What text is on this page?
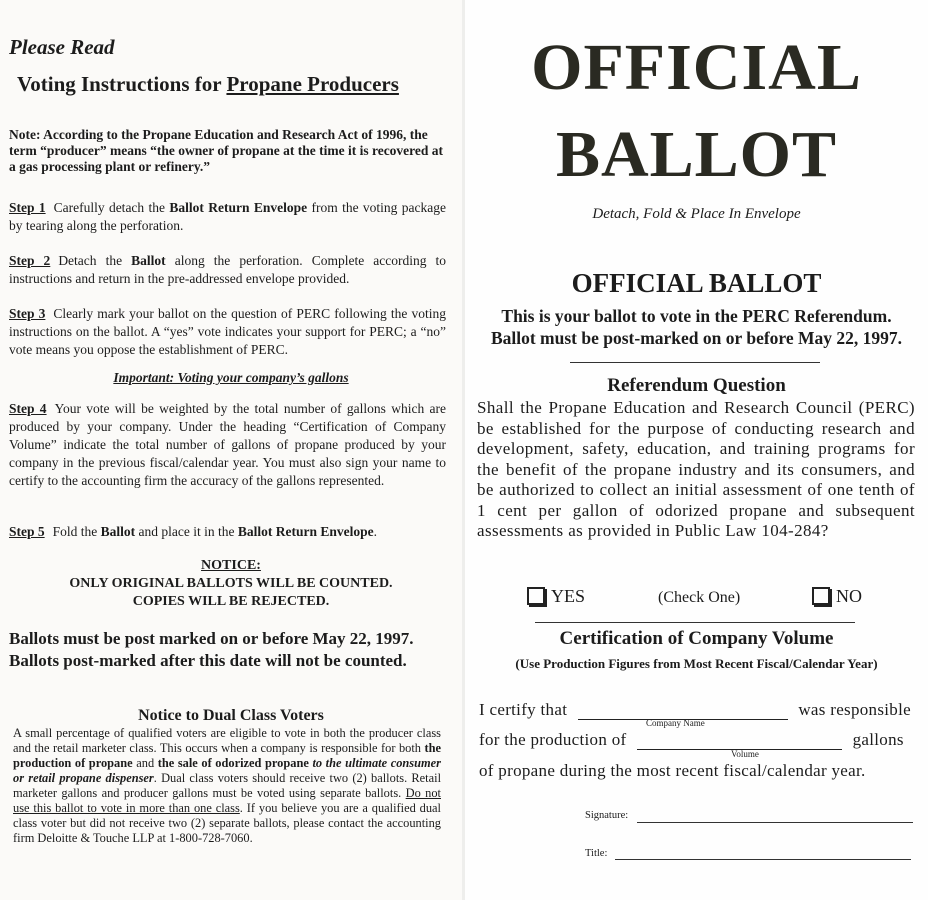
Please Read
Voting Instructions for Propane Producers
Note: According to the Propane Education and Research Act of 1996, the term “producer” means “the owner of propane at the time it is recovered at a gas processing plant or refinery.”
Step 1 Carefully detach the Ballot Return Envelope from the voting package by tearing along the perforation.
Step 2 Detach the Ballot along the perforation. Complete according to instructions and return in the pre-addressed envelope provided.
Step 3 Clearly mark your ballot on the question of PERC following the voting instructions on the ballot. A “yes” vote indicates your support for PERC; a “no” vote means you oppose the establishment of PERC.
Important: Voting your company’s gallons
Step 4 Your vote will be weighted by the total number of gallons which are produced by your company. Under the heading “Certification of Company Volume” indicate the total number of gallons of propane produced by your company in the previous fiscal/calendar year. You must also sign your name to certify to the accounting firm the accuracy of the gallons represented.
Step 5 Fold the Ballot and place it in the Ballot Return Envelope.
NOTICE:
ONLY ORIGINAL BALLOTS WILL BE COUNTED.
COPIES WILL BE REJECTED.
Ballots must be post marked on or before May 22, 1997.
Ballots post-marked after this date will not be counted.
Notice to Dual Class Voters
A small percentage of qualified voters are eligible to vote in both the producer class and the retail marketer class. This occurs when a company is responsible for both the production of propane and the sale of odorized propane to the ultimate consumer or retail propane dispenser. Dual class voters should receive two (2) ballots. Retail marketer gallons and producer gallons must be voted using separate ballots. Do not use this ballot to vote in more than one class. If you believe you are a qualified dual class voter but did not receive two (2) separate ballots, please contact the accounting firm Deloitte & Touche LLP at 1-800-728-7060.
OFFICIAL
BALLOT
Detach, Fold & Place In Envelope
OFFICIAL BALLOT
This is your ballot to vote in the PERC Referendum.
Ballot must be post-marked on or before May 22, 1997.
Referendum Question
Shall the Propane Education and Research Council (PERC) be established for the purpose of conducting research and development, safety, education, and training programs for the benefit of the propane industry and its consumers, and be authorized to collect an initial assessment of one tenth of 1 cent per gallon of odorized propane and subsequent assessments as provided in Public Law 104-284?
YES	(Check One)	NO
Certification of Company Volume
(Use Production Figures from Most Recent Fiscal/Calendar Year)
I certify that	was responsible
Company Name
for the production of	gallons
Volume
of propane during the most recent fiscal/calendar year.
Signature:
Title:
